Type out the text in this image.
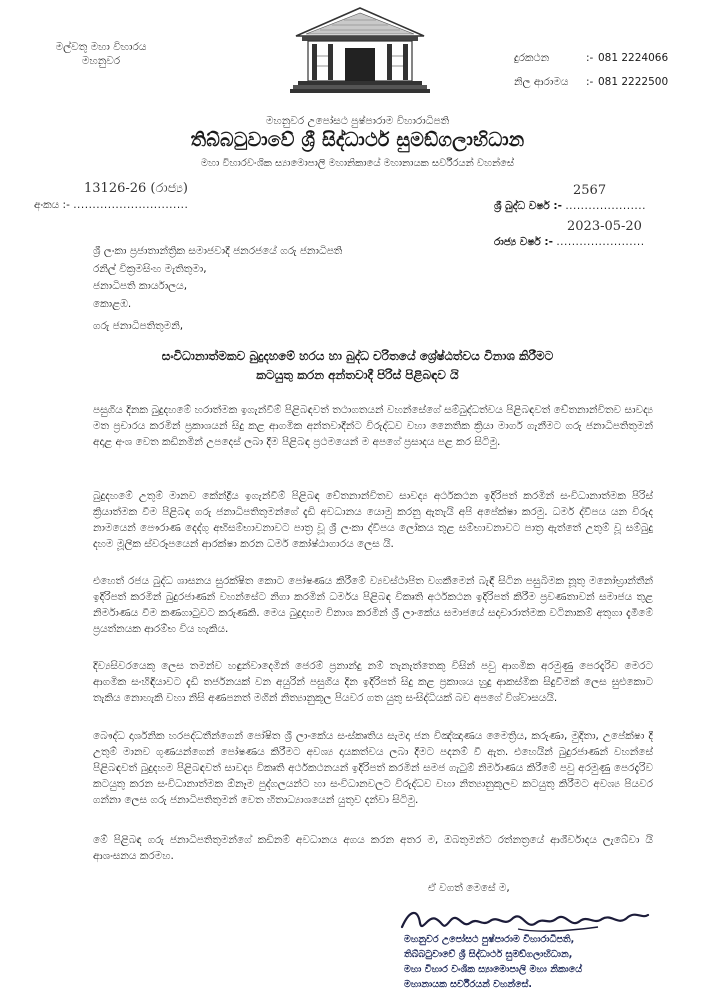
මල්වතු මහා විහාරය
මහනුවර	දුරකථන	:- 081 2224066
නිල ආරාමය :- 081 2222500
මහනුවර උපෝසථ පුෂ්පාරාම විහාරාධිපති
තිබ්බටුවාවේ ශ්‍රී සිද්ධාර්ථ සුමඞ්ගලාභිධාන
මහා විහාරවංශික ස්‍යාමොපාලි මහානිකායේ මහානායක සර්වීරයන් වහන්සේ
13126-26 (රාජ්‍ය)
අංකය :- ..............................
2567
ශ්‍රී බුද්ධ වර්ෂ :- .....................
2023-05-20
රාජ්‍ය වර්ෂ :- .......................
ශ්‍රී ලංකා ප්‍රජාතාන්ත්‍රික සමාජවාදී ජනරජයේ ගරු ජනාධිපති
රනිල් වික්‍රමසිංහ මැතිතුමා,
ජනාධිපති කාර්යාලය,
කොළඹ.
ගරු ජනාධිපතිතුමනි,
සංවිධානාත්මකව බුදුදහමේ හරය හා බුද්ධ චරිතයේ ශ්‍රේෂ්ඨත්වය විනාශ කිරීමට
කටයුතු කරන අන්තවාදී පිරිස් පිළිබඳව යි
පසුගිය දිනක බුදුදහමේ හරාත්මක ඉගැන්වීම් පිළිබඳවත් තථාගතයන් වහන්සේගේ සම්බුද්ධත්වය පිළිබඳවත් චේතනාන්විතව සාවද්‍ය මත ප්‍රචාරය කරමින් ප්‍රකාශයන් සිදු කළ ආගමික අන්තවාදීන්ට විරුද්ධව වහා නෛතික ක්‍රියා මාර්ග ගැනීමට ගරු ජනාධිපතිතුමන් අදාළ අංශ වෙත කඩිනමින් උපදෙස් ලබා දීම පිළිබඳ ප්‍රථමයෙන් ම අපගේ ප්‍රසාදය පළ කර සිටිමු.
බුදුදහමේ උතුම් මානව කේන්ද්‍රීය ඉගැන්වීම් පිළිබඳ චේතනාන්විතව සාවද්‍ය අර්ථකථන ඉදිරිපත් කරමින් සංවිධානාත්මක පිරිස් ක්‍රියාත්මක වීම පිළිබඳ ගරු ජනාධිපතිතුමන්ගේ දැඩි අවධානය යොමු කරනු ඇතැයි අපි අපේක්ෂා කරමු. ධර්ම ද්වීපය යන විරුද නාමයෙන් පෞරාණ දෙද්ගු අභිසම්භාවනාවට පාත්‍ර වූ ශ්‍රී ලංකා ද්වීපය ලෝකය තුළ සම්භාවනාවට පාත්‍ර ඇත්තේ උතුම් වූ සම්බුදු දහම මූලික ස්වරූපයෙන් ආරක්ෂා කරන ධර්ම කෝෂ්ඨාගාරය ලෙස යි.
එහෙත් රජය බුද්ධ ශාසනය සුරක්ෂිත කොට පෝෂණය කිරීමේ ව්‍යවස්ථාපිත වගකීමෙන් බැඳී සිටින පසුබිමක නූතු මනෝභ්‍රාන්තීන් ඉදිරිපත් කරමින් බුදුරජාණන් වහන්සේට නිගා කරමින් ධර්මය පිළිබඳ විකෘති අර්ථකථන ඉදිරිපත් කිරීම ප්‍රවණතාවන් සමාජය තුළ නිර්මාණය වීම කණගාටුවට කරුණකි. මෙය බුදුදහම විනාශ කරමින් ශ්‍රී ලාංකේය සමාජයේ සදාචාරාත්මක වටිනාකම් අතුගා දැමීමේ ප්‍රයත්නයක ආරම්භ විය හැකිය.
දිව්‍යසිවරයෙකු ලෙස තමන්ව හඳුන්වාදෙමින් ජෙරම් ප්‍රනාන්දු නම් තැනැත්තෙකු විසින් පවු ආගමික අරමුණු පෙරදැරිව මෙරට ආගමික සංහිඳියාවට දැඩි තර්ජනයක් වන අයුරින් පසුගිය දින ඉදිරිපත් සිදු කළ ප්‍රකාශය හුදු ආකස්මික සිදුවීමක් ලෙස සුළුකොට තැකිය නොහැකි වහා නිසි අණපනත් මගින් නිත්‍යානුකූල පියවර ගත යුතු සංසිද්ධියක් බව අපගේ විශ්වාසයයි.
බෞද්ධ දාර්ශනික හරපද්ධතීන්ගෙන් පෝෂිත ශ්‍රී ලාංකේය සංස්කෘතිය සැමදා ජන විඤ්ඤාණය මෛත්‍රිය, කරුණා, මුදිතා, උපේක්ෂා දී උතුම් මානව ගුණයන්ගෙන් පෝෂණය කිරීමට අවශ්‍ය දායකත්වය ලබා දීමට පදනම් වී ඇත. එහෙයින් බුදුරජාණන් වහන්සේ පිළිබඳවත් බුදුදහම පිළිබඳවත් සාවද්‍ය විකෘති අර්ථකථනයන් ඉදිරිපත් කරමින් සමජ ගැටුම් නිර්මාණය කිරීමේ පවු අරමුණු පෙරදැරිව කටයුතු කරන සංවිධානාත්මක ඕනෑම පුද්ගලයන්ට හා සංවිධානවලට විරුද්ධව වහා නිත්‍යානුකූලව කටයුතු කිරීමට අවශ්‍ය පියවර ගන්නා ලෙස ගරු ජනාධිපතිතුමන් වෙත හිතාධ්‍යාශයෙන් යුතුව දන්වා සිටිමු.
මේ පිළිබඳ ගරු ජනාධිපතිතුමන්ගේ කඩිනම් අවධානය අගය කරන අතර ම, ඔබතුමන්ට රත්නත්‍රයේ ආශීර්වාදය ලැබේවා යි ආශංසනය කරමහ.
ඒ වගත් මෙසේ ම,
මහනුවර උපෝසථ පුෂ්පාරාම විහාරාධිපති,
තිබ්බටුවාවේ ශ්‍රී සිද්ධාර්ථ සුමඞ්ගලාභිධාන,
මහා විහාර වංශික ස්‍යාමොපාලි මහා නිකායේ
මහානායක සර්වීරයන් වහන්සේ.
